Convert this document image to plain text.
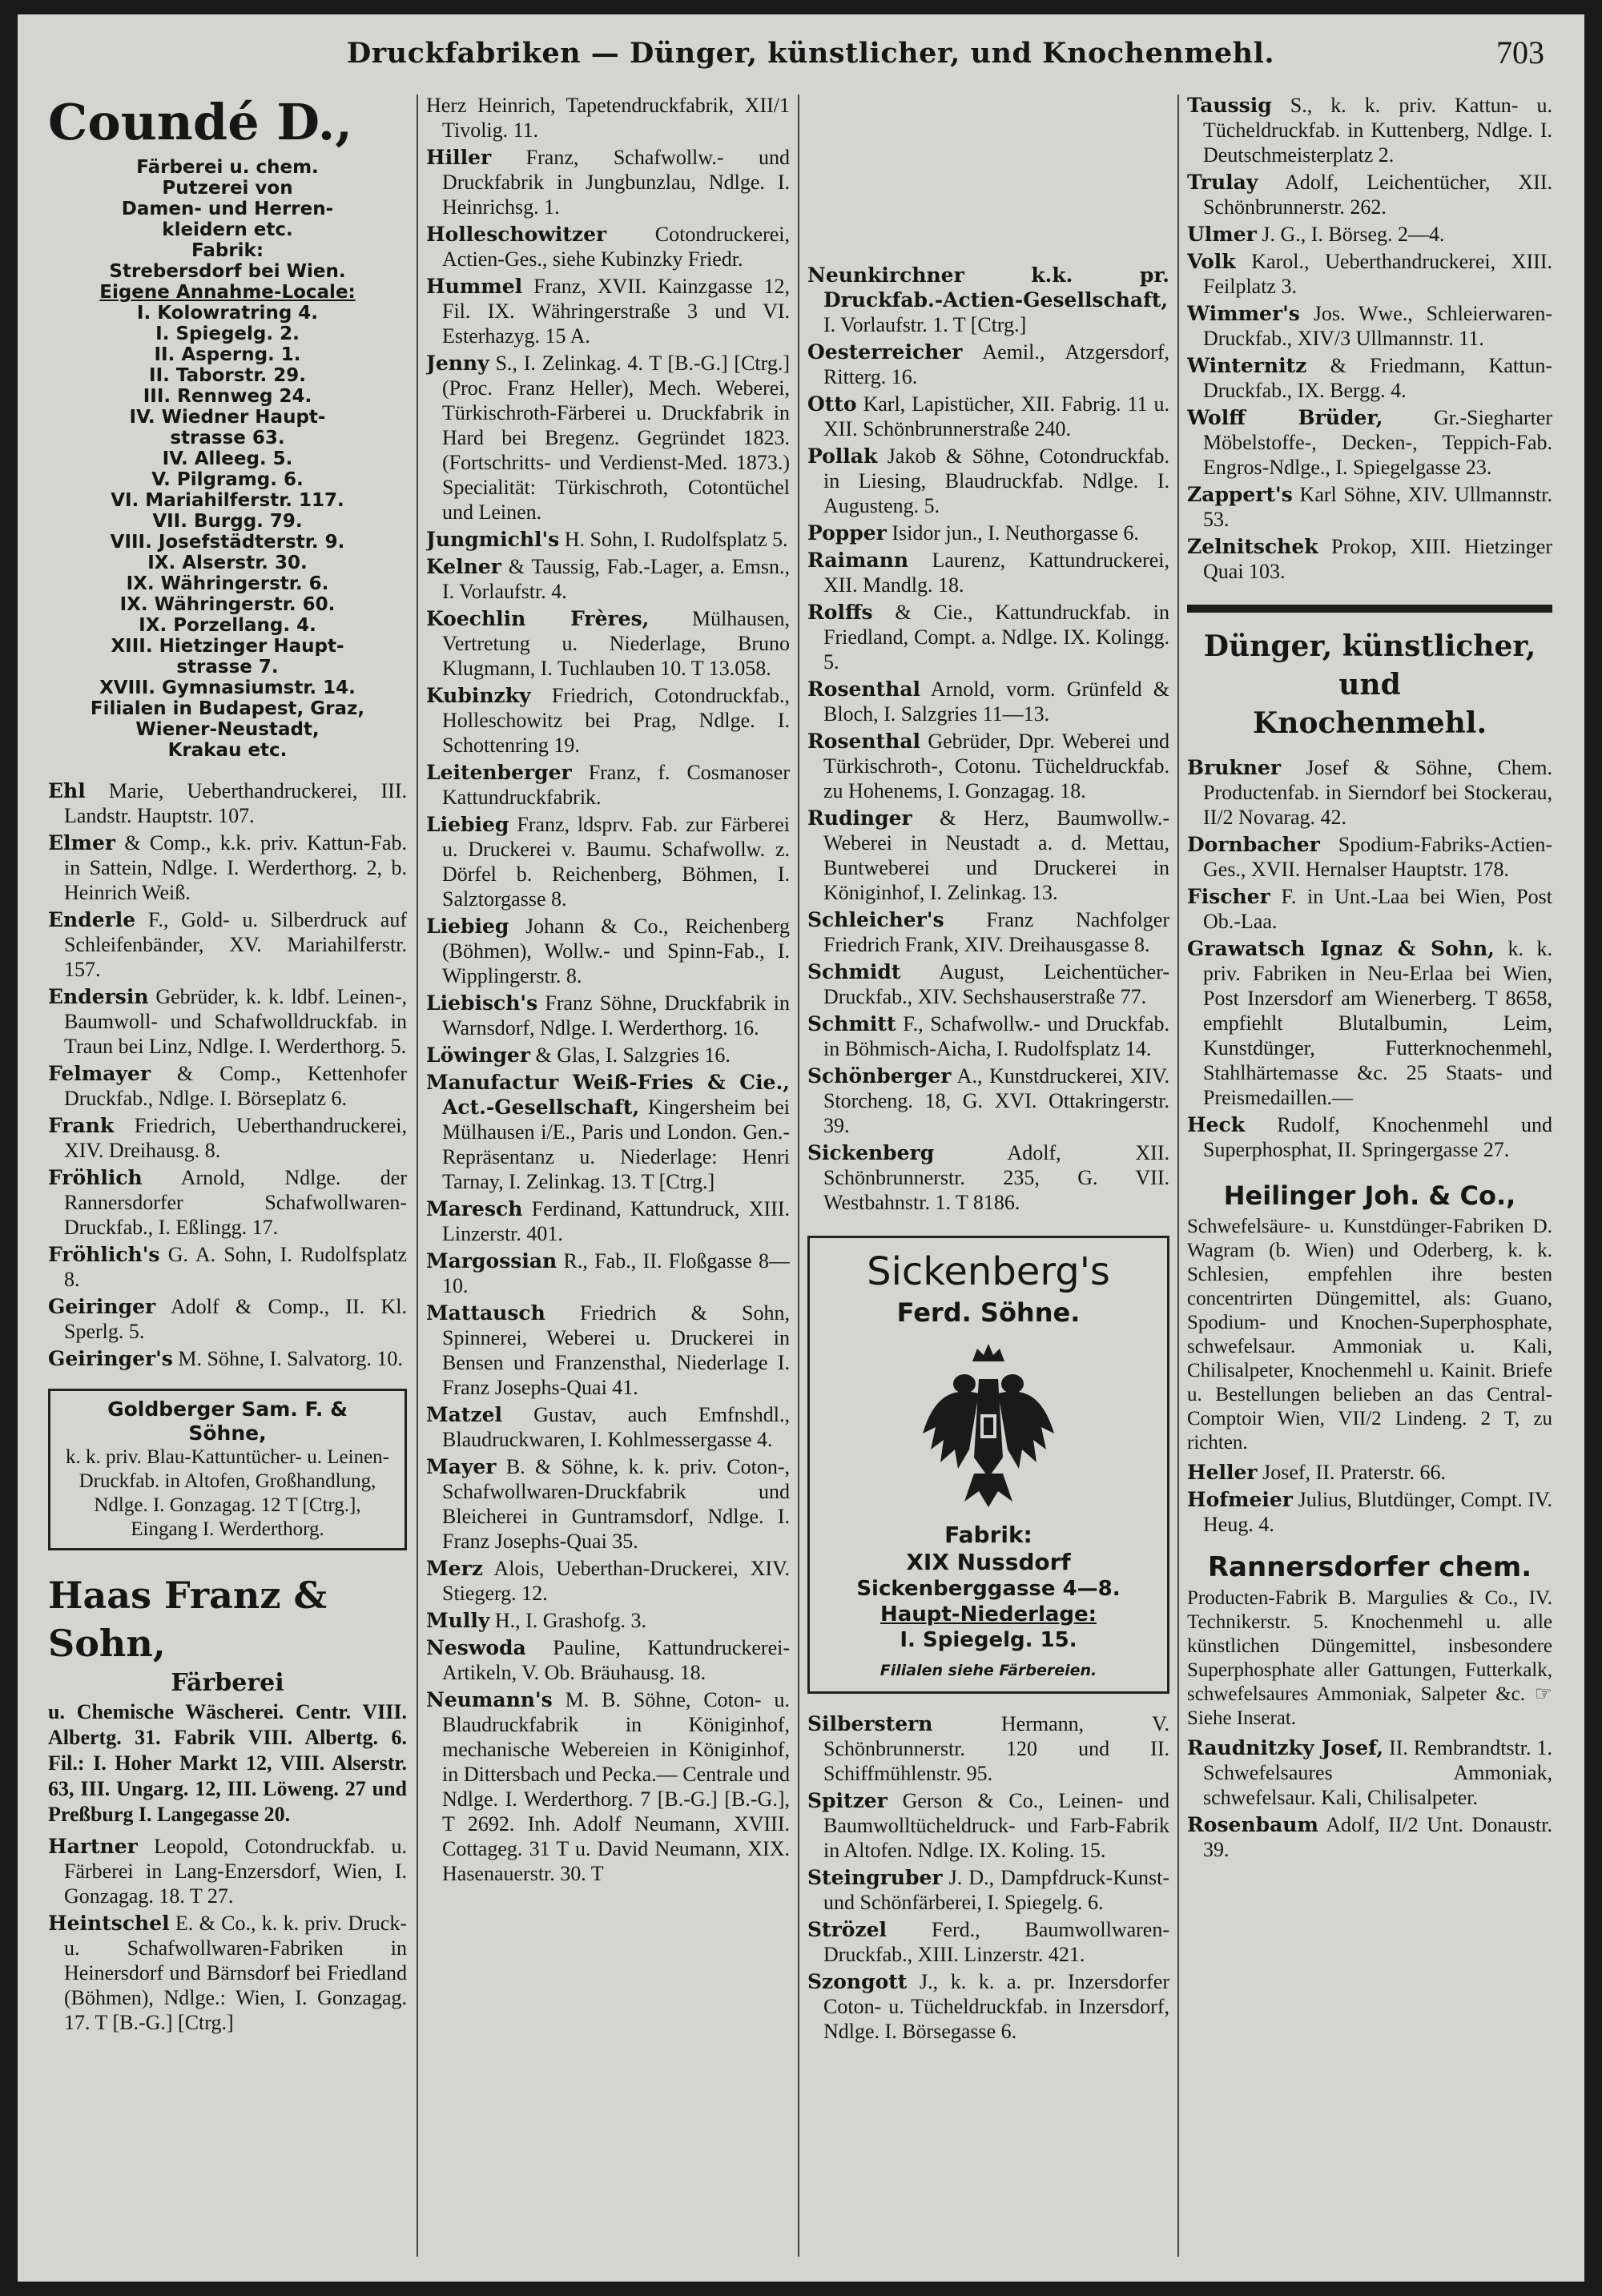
Druckfabriken — Dünger, künstlicher, und Knochenmehl.	703
Coundé D.,
Färberei u. chem.
Putzerei von
Damen- und Herren-
kleidern etc.
Fabrik:
Strebersdorf bei Wien.
Eigene Annahme-Locale:
I. Kolowratring 4.
I. Spiegelg. 2.
II. Asperng. 1.
II. Taborstr. 29.
III. Rennweg 24.
IV. Wiedner Haupt-
strasse 63.
IV. Alleeg. 5.
V. Pilgramg. 6.
VI. Mariahilferstr. 117.
VII. Burgg. 79.
VIII. Josefstädterstr. 9.
IX. Alserstr. 30.
IX. Währingerstr. 6.
IX. Währingerstr. 60.
IX. Porzellang. 4.
XIII. Hietzinger Haupt-
strasse 7.
XVIII. Gymnasiumstr. 14.
Filialen in Budapest, Graz,
Wiener-Neustadt,
Krakau etc.
Ehl Marie, Ueberthandruckerei, III. Landstr. Hauptstr. 107.
Elmer & Comp., k.k. priv. Kattun-Fab. in Sattein, Ndlge. I. Werderthorg. 2, b. Heinrich Weiß.
Enderle F., Gold- u. Silberdruck auf Schleifenbänder, XV. Mariahilferstr. 157.
Endersin Gebrüder, k. k. ldbf. Leinen-, Baumwoll- und Schafwolldruckfab. in Traun bei Linz, Ndlge. I. Werderthorg. 5.
Felmayer & Comp., Kettenhofer Druckfab., Ndlge. I. Börseplatz 6.
Frank Friedrich, Ueberthandruckerei, XIV. Dreihausg. 8.
Fröhlich Arnold, Ndlge. der Rannersdorfer Schafwollwaren-Druckfab., I. Eßlingg. 17.
Fröhlich's G. A. Sohn, I. Rudolfsplatz 8.
Geiringer Adolf & Comp., II. Kl. Sperlg. 5.
Geiringer's M. Söhne, I. Salvatorg. 10.
Goldberger Sam. F. &
Söhne,
k. k. priv. Blau-Kattuntücher- u. Leinen-Druckfab. in Altofen, Großhandlung, Ndlge. I. Gonzagag. 12 T [Ctrg.], Eingang I. Werderthorg.
Haas Franz & Sohn,
Färberei
u. Chemische Wäscherei. Centr. VIII. Albertg. 31. Fabrik VIII. Albertg. 6. Fil.: I. Hoher Markt 12, VIII. Alserstr. 63, III. Ungarg. 12, III. Löweng. 27 und Preßburg I. Langegasse 20.
Hartner Leopold, Cotondruckfab. u. Färberei in Lang-Enzersdorf, Wien, I. Gonzagag. 18. T 27.
Heintschel E. & Co., k. k. priv. Druck- u. Schafwollwaren-Fabriken in Heinersdorf und Bärnsdorf bei Friedland (Böhmen), Ndlge.: Wien, I. Gonzagag. 17. T [B.-G.] [Ctrg.]
Herz Heinrich, Tapetendruckfabrik, XII/1 Tivolig. 11.
Hiller Franz, Schafwollw.- und Druckfabrik in Jungbunzlau, Ndlge. I. Heinrichsg. 1.
Holleschowitzer Cotondruckerei, Actien-Ges., siehe Kubinzky Friedr.
Hummel Franz, XVII. Kainzgasse 12, Fil. IX. Währingerstraße 3 und VI. Esterhazyg. 15 A.
Jenny S., I. Zelinkag. 4. T [B.-G.] [Ctrg.] (Proc. Franz Heller), Mech. Weberei, Türkischroth-Färberei u. Druckfabrik in Hard bei Bregenz. Gegründet 1823. (Fortschritts- und Verdienst-Med. 1873.) Specialität: Türkischroth, Cotontüchel und Leinen.
Jungmichl's H. Sohn, I. Rudolfsplatz 5.
Kelner & Taussig, Fab.-Lager, a. Emsn., I. Vorlaufstr. 4.
Koechlin Frères, Mülhausen, Vertretung u. Niederlage, Bruno Klugmann, I. Tuchlauben 10. T 13.058.
Kubinzky Friedrich, Cotondruckfab., Holleschowitz bei Prag, Ndlge. I. Schottenring 19.
Leitenberger Franz, f. Cosmanoser Kattundruckfabrik.
Liebieg Franz, ldsprv. Fab. zur Färberei u. Druckerei v. Baumu. Schafwollw. z. Dörfel b. Reichenberg, Böhmen, I. Salztorgasse 8.
Liebieg Johann & Co., Reichenberg (Böhmen), Wollw.- und Spinn-Fab., I. Wipplingerstr. 8.
Liebisch's Franz Söhne, Druckfabrik in Warnsdorf, Ndlge. I. Werderthorg. 16.
Löwinger & Glas, I. Salzgries 16.
Manufactur Weiß-Fries & Cie., Act.-Gesellschaft, Kingersheim bei Mülhausen i/E., Paris und London. Gen.-Repräsentanz u. Niederlage: Henri Tarnay, I. Zelinkag. 13. T [Ctrg.]
Maresch Ferdinand, Kattundruck, XIII. Linzerstr. 401.
Margossian R., Fab., II. Floßgasse 8—10.
Mattausch Friedrich & Sohn, Spinnerei, Weberei u. Druckerei in Bensen und Franzensthal, Niederlage I. Franz Josephs-Quai 41.
Matzel Gustav, auch Emfnshdl., Blaudruckwaren, I. Kohlmessergasse 4.
Mayer B. & Söhne, k. k. priv. Coton-, Schafwollwaren-Druckfabrik und Bleicherei in Guntramsdorf, Ndlge. I. Franz Josephs-Quai 35.
Merz Alois, Ueberthan-Druckerei, XIV. Stiegerg. 12.
Mully H., I. Grashofg. 3.
Neswoda Pauline, Kattundruckerei-Artikeln, V. Ob. Bräuhausg. 18.
Neumann's M. B. Söhne, Coton- u. Blaudruckfabrik in Königinhof, mechanische Webereien in Königinhof, in Dittersbach und Pecka.— Centrale und Ndlge. I. Werderthorg. 7 [B.-G.] [B.-G.], T 2692. Inh. Adolf Neumann, XVIII. Cottageg. 31 T u. David Neumann, XIX. Hasenauerstr. 30. T
Neunkirchner k.k. pr. Druckfab.-Actien-Gesellschaft, I. Vorlaufstr. 1. T [Ctrg.]
Oesterreicher Aemil., Atzgersdorf, Ritterg. 16.
Otto Karl, Lapistücher, XII. Fabrig. 11 u. XII. Schönbrunnerstraße 240.
Pollak Jakob & Söhne, Cotondruckfab. in Liesing, Blaudruckfab. Ndlge. I. Augusteng. 5.
Popper Isidor jun., I. Neuthorgasse 6.
Raimann Laurenz, Kattundruckerei, XII. Mandlg. 18.
Rolffs & Cie., Kattundruckfab. in Friedland, Compt. a. Ndlge. IX. Kolingg. 5.
Rosenthal Arnold, vorm. Grünfeld & Bloch, I. Salzgries 11—13.
Rosenthal Gebrüder, Dpr. Weberei und Türkischroth-, Cotonu. Tücheldruckfab. zu Hohenems, I. Gonzagag. 18.
Rudinger & Herz, Baumwollw.-Weberei in Neustadt a. d. Mettau, Buntweberei und Druckerei in Königinhof, I. Zelinkag. 13.
Schleicher's Franz Nachfolger Friedrich Frank, XIV. Dreihausgasse 8.
Schmidt August, Leichentücher-Druckfab., XIV. Sechshauserstraße 77.
Schmitt F., Schafwollw.- und Druckfab. in Böhmisch-Aicha, I. Rudolfsplatz 14.
Schönberger A., Kunstdruckerei, XIV. Storcheng. 18, G. XVI. Ottakringerstr. 39.
Sickenberg Adolf, XII. Schönbrunnerstr. 235, G. VII. Westbahnstr. 1. T 8186.
Sickenberg's
Ferd. Söhne.
Fabrik:
XIX Nussdorf
Sickenberggasse 4—8.
Haupt-Niederlage:
I. Spiegelg. 15.
Filialen siehe Färbereien.
Silberstern Hermann, V. Schönbrunnerstr. 120 und II. Schiffmühlenstr. 95.
Spitzer Gerson & Co., Leinen- und Baumwolltücheldruck- und Farb-Fabrik in Altofen. Ndlge. IX. Koling. 15.
Steingruber J. D., Dampfdruck-Kunst- und Schönfärberei, I. Spiegelg. 6.
Strözel Ferd., Baumwollwaren-Druckfab., XIII. Linzerstr. 421.
Szongott J., k. k. a. pr. Inzersdorfer Coton- u. Tücheldruckfab. in Inzersdorf, Ndlge. I. Börsegasse 6.
Taussig S., k. k. priv. Kattun- u. Tücheldruckfab. in Kuttenberg, Ndlge. I. Deutschmeisterplatz 2.
Trulay Adolf, Leichentücher, XII. Schönbrunnerstr. 262.
Ulmer J. G., I. Börseg. 2—4.
Volk Karol., Ueberthandruckerei, XIII. Feilplatz 3.
Wimmer's Jos. Wwe., Schleierwaren-Druckfab., XIV/3 Ullmannstr. 11.
Winternitz & Friedmann, Kattun-Druckfab., IX. Bergg. 4.
Wolff Brüder, Gr.-Siegharter Möbelstoffe-, Decken-, Teppich-Fab. Engros-Ndlge., I. Spiegelgasse 23.
Zappert's Karl Söhne, XIV. Ullmannstr. 53.
Zelnitschek Prokop, XIII. Hietzinger Quai 103.
Dünger, künstlicher, und
Knochenmehl.
Brukner Josef & Söhne, Chem. Productenfab. in Sierndorf bei Stockerau, II/2 Novarag. 42.
Dornbacher Spodium-Fabriks-Actien-Ges., XVII. Hernalser Hauptstr. 178.
Fischer F. in Unt.-Laa bei Wien, Post Ob.-Laa.
Grawatsch Ignaz & Sohn, k. k. priv. Fabriken in Neu-Erlaa bei Wien, Post Inzersdorf am Wienerberg. T 8658, empfiehlt Blutalbumin, Leim, Kunstdünger, Futterknochenmehl, Stahlhärtemasse &c. 25 Staats- und Preismedaillen.—
Heck Rudolf, Knochenmehl und Superphosphat, II. Springergasse 27.
Heilinger Joh. & Co.,
Schwefelsäure- u. Kunstdünger-Fabriken D. Wagram (b. Wien) und Oderberg, k. k. Schlesien, empfehlen ihre besten concentrirten Düngemittel, als: Guano, Spodium- und Knochen-Superphosphate, schwefelsaur. Ammoniak u. Kali, Chilisalpeter, Knochenmehl u. Kainit. Briefe u. Bestellungen belieben an das Central-Comptoir Wien, VII/2 Lindeng. 2 T, zu richten.
Heller Josef, II. Praterstr. 66.
Hofmeier Julius, Blutdünger, Compt. IV. Heug. 4.
Rannersdorfer chem.
Producten-Fabrik B. Margulies & Co., IV. Technikerstr. 5. Knochenmehl u. alle künstlichen Düngemittel, insbesondere Superphosphate aller Gattungen, Futterkalk, schwefelsaures Ammoniak, Salpeter &c. ☞ Siehe Inserat.
Raudnitzky Josef, II. Rembrandtstr. 1. Schwefelsaures Ammoniak, schwefelsaur. Kali, Chilisalpeter.
Rosenbaum Adolf, II/2 Unt. Donaustr. 39.
